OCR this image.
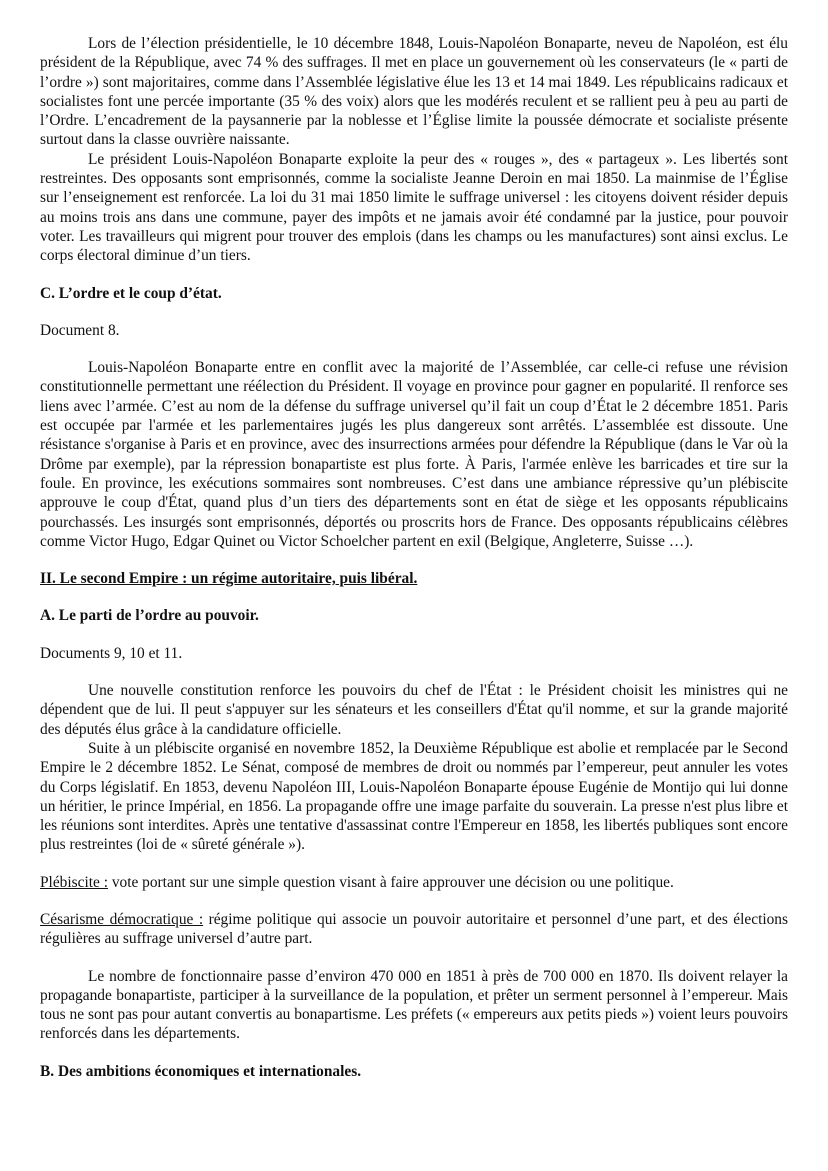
Lors de l’élection présidentielle, le 10 décembre 1848, Louis-Napoléon Bonaparte, neveu de Napoléon, est élu président de la République, avec 74 % des suffrages. Il met en place un gouvernement où les conservateurs (le « parti de l’ordre ») sont majoritaires, comme dans l’Assemblée législative élue les 13 et 14 mai 1849. Les républicains radicaux et socialistes font une percée importante (35 % des voix) alors que les modérés reculent et se rallient peu à peu au parti de l’Ordre. L’encadrement de la paysannerie par la noblesse et l’Église limite la poussée démocrate et socialiste présente surtout dans la classe ouvrière naissante.

Le président Louis-Napoléon Bonaparte exploite la peur des « rouges », des « partageux ». Les libertés sont restreintes. Des opposants sont emprisonnés, comme la socialiste Jeanne Deroin en mai 1850. La mainmise de l’Église sur l’enseignement est renforcée. La loi du 31 mai 1850 limite le suffrage universel : les citoyens doivent résider depuis au moins trois ans dans une commune, payer des impôts et ne jamais avoir été condamné par la justice, pour pouvoir voter. Les travailleurs qui migrent pour trouver des emplois (dans les champs ou les manufactures) sont ainsi exclus. Le corps électoral diminue d’un tiers.

C. L’ordre et le coup d’état.

Document 8.

Louis-Napoléon Bonaparte entre en conflit avec la majorité de l’Assemblée, car celle-ci refuse une révision constitutionnelle permettant une réélection du Président. Il voyage en province pour gagner en popularité. Il renforce ses liens avec l’armée. C’est au nom de la défense du suffrage universel qu’il fait un coup d’État le 2 décembre 1851. Paris est occupée par l'armée et les parlementaires jugés les plus dangereux sont arrêtés. L’assemblée est dissoute. Une résistance s'organise à Paris et en province, avec des insurrections armées pour défendre la République (dans le Var où la Drôme par exemple), par la répression bonapartiste est plus forte. À Paris, l'armée enlève les barricades et tire sur la foule. En province, les exécutions sommaires sont nombreuses. C’est dans une ambiance répressive qu’un plébiscite approuve le coup d'État, quand plus d’un tiers des départements sont en état de siège et les opposants républicains pourchassés. Les insurgés sont emprisonnés, déportés ou proscrits hors de France. Des opposants républicains célèbres comme Victor Hugo, Edgar Quinet ou Victor Schoelcher partent en exil (Belgique, Angleterre, Suisse …).

II. Le second Empire : un régime autoritaire, puis libéral.

A. Le parti de l’ordre au pouvoir.

Documents 9, 10 et 11.

Une nouvelle constitution renforce les pouvoirs du chef de l'État : le Président choisit les ministres qui ne dépendent que de lui. Il peut s'appuyer sur les sénateurs et les conseillers d'État qu'il nomme, et sur la grande majorité des députés élus grâce à la candidature officielle.

Suite à un plébiscite organisé en novembre 1852, la Deuxième République est abolie et remplacée par le Second Empire le 2 décembre 1852. Le Sénat, composé de membres de droit ou nommés par l’empereur, peut annuler les votes du Corps législatif. En 1853, devenu Napoléon III, Louis-Napoléon Bonaparte épouse Eugénie de Montijo qui lui donne un héritier, le prince Impérial, en 1856. La propagande offre une image parfaite du souverain. La presse n'est plus libre et les réunions sont interdites. Après une tentative d'assassinat contre l'Empereur en 1858, les libertés publiques sont encore plus restreintes (loi de « sûreté générale »).

Plébiscite : vote portant sur une simple question visant à faire approuver une décision ou une politique.

Césarisme démocratique : régime politique qui associe un pouvoir autoritaire et personnel d’une part, et des élections régulières au suffrage universel d’autre part.

Le nombre de fonctionnaire passe d’environ 470 000 en 1851 à près de 700 000 en 1870. Ils doivent relayer la propagande bonapartiste, participer à la surveillance de la population, et prêter un serment personnel à l’empereur. Mais tous ne sont pas pour autant convertis au bonapartisme. Les préfets (« empereurs aux petits pieds ») voient leurs pouvoirs renforcés dans les départements.

B. Des ambitions économiques et internationales.
